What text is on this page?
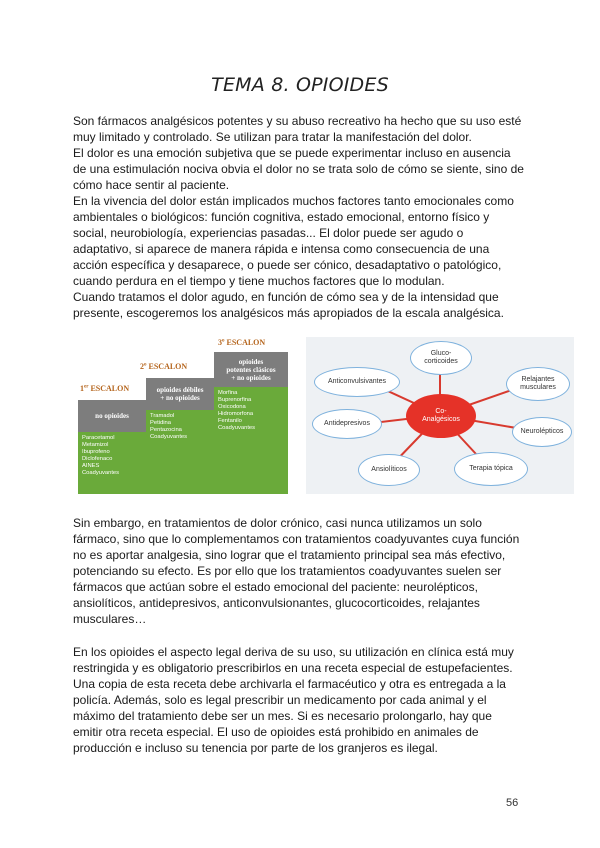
TEMA 8. OPIOIDES

Son fármacos analgésicos potentes y su abuso recreativo ha hecho que su uso esté

muy limitado y controlado. Se utilizan para tratar la manifestación del dolor.

El dolor es una emoción subjetiva que se puede experimentar incluso en ausencia

de una estimulación nociva obvia el dolor no se trata solo de cómo se siente, sino de

cómo hace sentir al paciente.

En la vivencia del dolor están implicados muchos factores tanto emocionales como

ambientales o biológicos: función cognitiva, estado emocional, entorno físico y

social, neurobiología, experiencias pasadas... El dolor puede ser agudo o

adaptativo, si aparece de manera rápida e intensa como consecuencia de una

acción específica y desaparece, o puede ser cónico, desadaptativo o patológico,

cuando perdura en el tiempo y tiene muchos factores que lo modulan.

Cuando tratamos el dolor agudo, en función de cómo sea y de la intensidad que

presente, escogeremos los analgésicos más apropiados de la escala analgésica.

1er ESCALON
no opioides
Paracetamol
Metamizol
Ibuprofeno
Diclofenaco
AINES
Coadyuvantes
2$^o$ ESCALON
opioides débiles
+ no opioides
Tramadol
Petidina
Pentazocina
Coadyuvantes
3$^o$ ESCALON
opioides
potentes clásicos
+ no opioides
Morfina
Buprenorfina
Oxicodona
Hidromorfona
Fentanilo
Coadyuvantes
Co-
Analgésicos
Gluco-
corticoides
Anticonvulsivantes	Relajantes
musculares
Antidepresivos
Neurolépticos
Ansiolíticos	Terapia tópica

Sin embargo, en tratamientos de dolor crónico, casi nunca utilizamos un solo

fármaco, sino que lo complementamos con tratamientos coadyuvantes cuya función

no es aportar analgesia, sino lograr que el tratamiento principal sea más efectivo,

potenciando su efecto. Es por ello que los tratamientos coadyuvantes suelen ser

fármacos que actúan sobre el estado emocional del paciente: neurolépticos,

ansiolíticos, antidepresivos, anticonvulsionantes, glucocorticoides, relajantes

musculares…

En los opioides el aspecto legal deriva de su uso, su utilización en clínica está muy

restringida y es obligatorio prescribirlos en una receta especial de estupefacientes.

Una copia de esta receta debe archivarla el farmacéutico y otra es entregada a la

policía. Además, solo es legal prescribir un medicamento por cada animal y el

máximo del tratamiento debe ser un mes. Si es necesario prolongarlo, hay que

emitir otra receta especial. El uso de opioides está prohibido en animales de

producción e incluso su tenencia por parte de los granjeros es ilegal.

56
